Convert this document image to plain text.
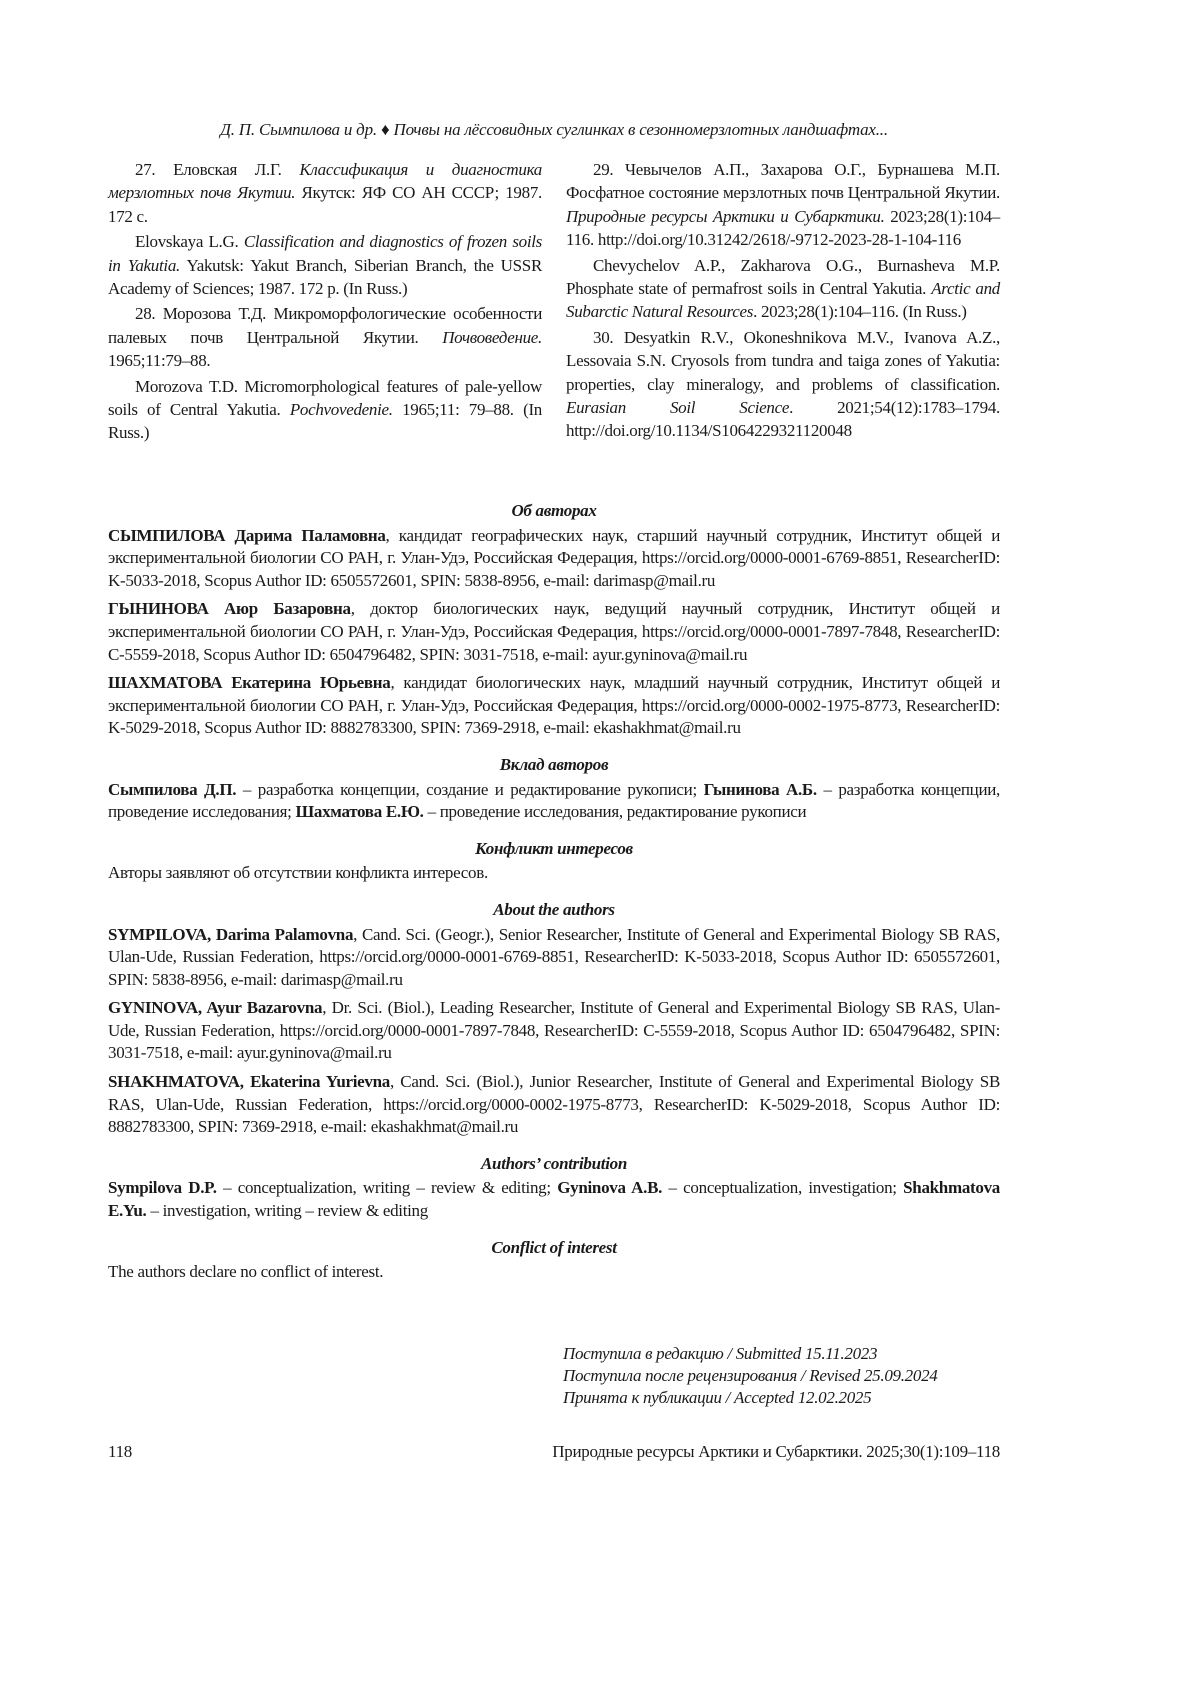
Д. П. Сымпилова и др. ♦ Почвы на лёссовидных суглинках в сезонномерзлотных ландшафтах...

27. Еловская Л.Г. Классификация и диагностика мерзлотных почв Якутии. Якутск: ЯФ СО АН СССР; 1987. 172 с.

Elovskaya L.G. Classification and diagnostics of frozen soils in Yakutia. Yakutsk: Yakut Branch, Siberian Branch, the USSR Academy of Sciences; 1987. 172 p. (In Russ.)

28. Морозова Т.Д. Микроморфологические особенности палевых почв Центральной Якутии. Почвоведение. 1965;11:79–88.

Morozova T.D. Micromorphological features of pale-yellow soils of Central Yakutia. Pochvovedenie. 1965;11: 79–88. (In Russ.)

29. Чевычелов А.П., Захарова О.Г., Бурнашева М.П. Фосфатное состояние мерзлотных почв Центральной Якутии. Природные ресурсы Арктики и Субарктики. 2023;28(1):104–116. http://doi.org/10.31242/2618/-9712-2023-28-1-104-116

Chevychelov A.P., Zakharova O.G., Burnasheva M.P. Phosphate state of permafrost soils in Central Yakutia. Arctic and Subarctic Natural Resources. 2023;28(1):104–116. (In Russ.)

30. Desyatkin R.V., Okoneshnikova M.V., Ivanova A.Z., Lessovaia S.N. Cryosols from tundra and taiga zones of Yakutia: properties, clay mineralogy, and problems of classification. Eurasian Soil Science. 2021;54(12):1783–1794. http://doi.org/10.1134/S1064229321120048

Об авторах

СЫМПИЛОВА Дарима Паламовна, кандидат географических наук, старший научный сотрудник, Институт общей и экспериментальной биологии СО РАН, г. Улан-Удэ, Российская Федерация, https://orcid.org/0000-0001-6769-8851, ResearcherID: K-5033-2018, Scopus Author ID: 6505572601, SPIN: 5838-8956, e-mail: darimasp@mail.ru

ГЫНИНОВА Аюр Базаровна, доктор биологических наук, ведущий научный сотрудник, Институт общей и экспериментальной биологии СО РАН, г. Улан-Удэ, Российская Федерация, https://orcid.org/0000-0001-7897-7848, ResearcherID: C-5559-2018, Scopus Author ID: 6504796482, SPIN: 3031-7518, e-mail: ayur.gyninova@mail.ru

ШАХМАТОВА Екатерина Юрьевна, кандидат биологических наук, младший научный сотрудник, Институт общей и экспериментальной биологии СО РАН, г. Улан-Удэ, Российская Федерация, https://orcid.org/0000-0002-1975-8773, ResearcherID: K-5029-2018, Scopus Author ID: 8882783300, SPIN: 7369-2918, e-mail: ekashakhmat@mail.ru

Вклад авторов

Сымпилова Д.П. – разработка концепции, создание и редактирование рукописи; Гынинова А.Б. – разработка концепции, проведение исследования; Шахматова Е.Ю. – проведение исследования, редактирование рукописи

Конфликт интересов

Авторы заявляют об отсутствии конфликта интересов.

About the authors

SYMPILOVA, Darima Palamovna, Cand. Sci. (Geogr.), Senior Researcher, Institute of General and Experimental Biology SB RAS, Ulan-Ude, Russian Federation, https://orcid.org/0000-0001-6769-8851, ResearcherID: K-5033-2018, Scopus Author ID: 6505572601, SPIN: 5838-8956, e-mail: darimasp@mail.ru

GYNINOVA, Ayur Bazarovna, Dr. Sci. (Biol.), Leading Researcher, Institute of General and Experimental Biology SB RAS, Ulan-Ude, Russian Federation, https://orcid.org/0000-0001-7897-7848, ResearcherID: C-5559-2018, Scopus Author ID: 6504796482, SPIN: 3031-7518, e-mail: ayur.gyninova@mail.ru

SHAKHMATOVA, Ekaterina Yurievna, Cand. Sci. (Biol.), Junior Researcher, Institute of General and Experimental Biology SB RAS, Ulan-Ude, Russian Federation, https://orcid.org/0000-0002-1975-8773, ResearcherID: K-5029-2018, Scopus Author ID: 8882783300, SPIN: 7369-2918, e-mail: ekashakhmat@mail.ru

Authors’ contribution

Sympilova D.P. – conceptualization, writing – review & editing; Gyninova A.B. – conceptualization, investigation; Shakhmatova E.Yu. – investigation, writing – review & editing

Conflict of interest

The authors declare no conflict of interest.

Поступила в редакцию / Submitted 15.11.2023
Поступила после рецензирования / Revised 25.09.2024
Принята к публикации / Accepted 12.02.2025
118	Природные ресурсы Арктики и Субарктики. 2025;30(1):109–118
